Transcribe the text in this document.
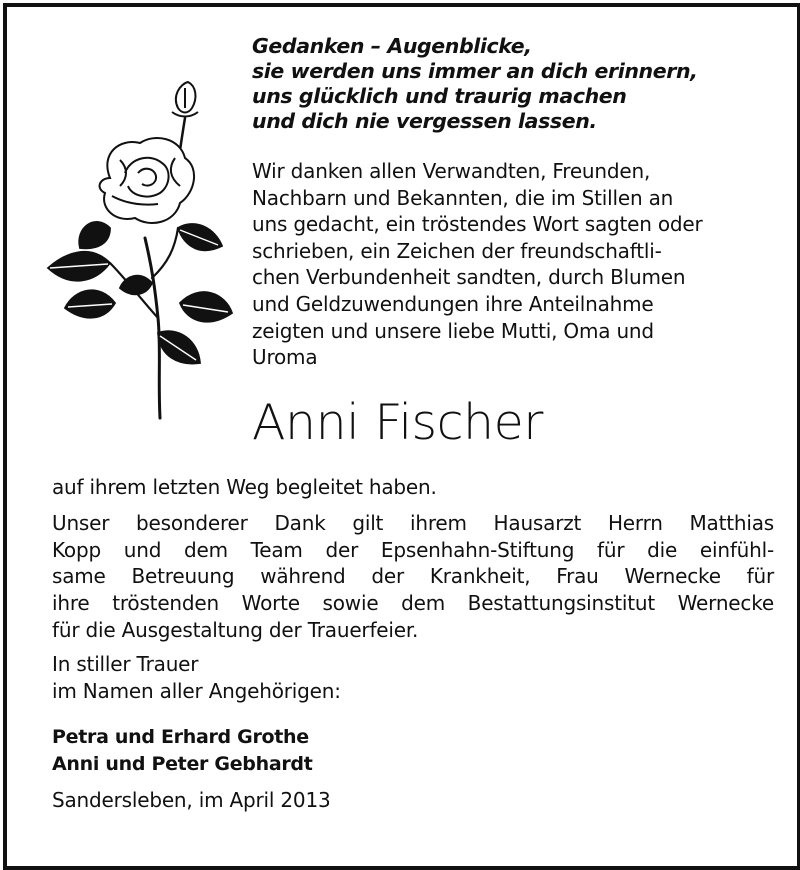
Gedanken – Augenblicke,
sie werden uns immer an dich erinnern,
uns glücklich und traurig machen
und dich nie vergessen lassen.
Wir danken allen Verwandten, Freunden,
Nachbarn und Bekannten, die im Stillen an
uns gedacht, ein tröstendes Wort sagten oder
schrieben, ein Zeichen der freundschaftli-
chen Verbundenheit sandten, durch Blumen
und Geldzuwendungen ihre Anteilnahme
zeigten und unsere liebe Mutti, Oma und
Uroma
Anni Fischer
auf ihrem letzten Weg begleitet haben.
Unser besonderer Dank gilt ihrem Hausarzt Herrn Matthias
Kopp und dem Team der Epsenhahn-Stiftung für die einfühl-
same Betreuung während der Krankheit, Frau Wernecke für
ihre tröstenden Worte sowie dem Bestattungsinstitut Wernecke
für die Ausgestaltung der Trauerfeier.
In stiller Trauer
im Namen aller Angehörigen:
Petra und Erhard Grothe
Anni und Peter Gebhardt
Sandersleben, im April 2013
